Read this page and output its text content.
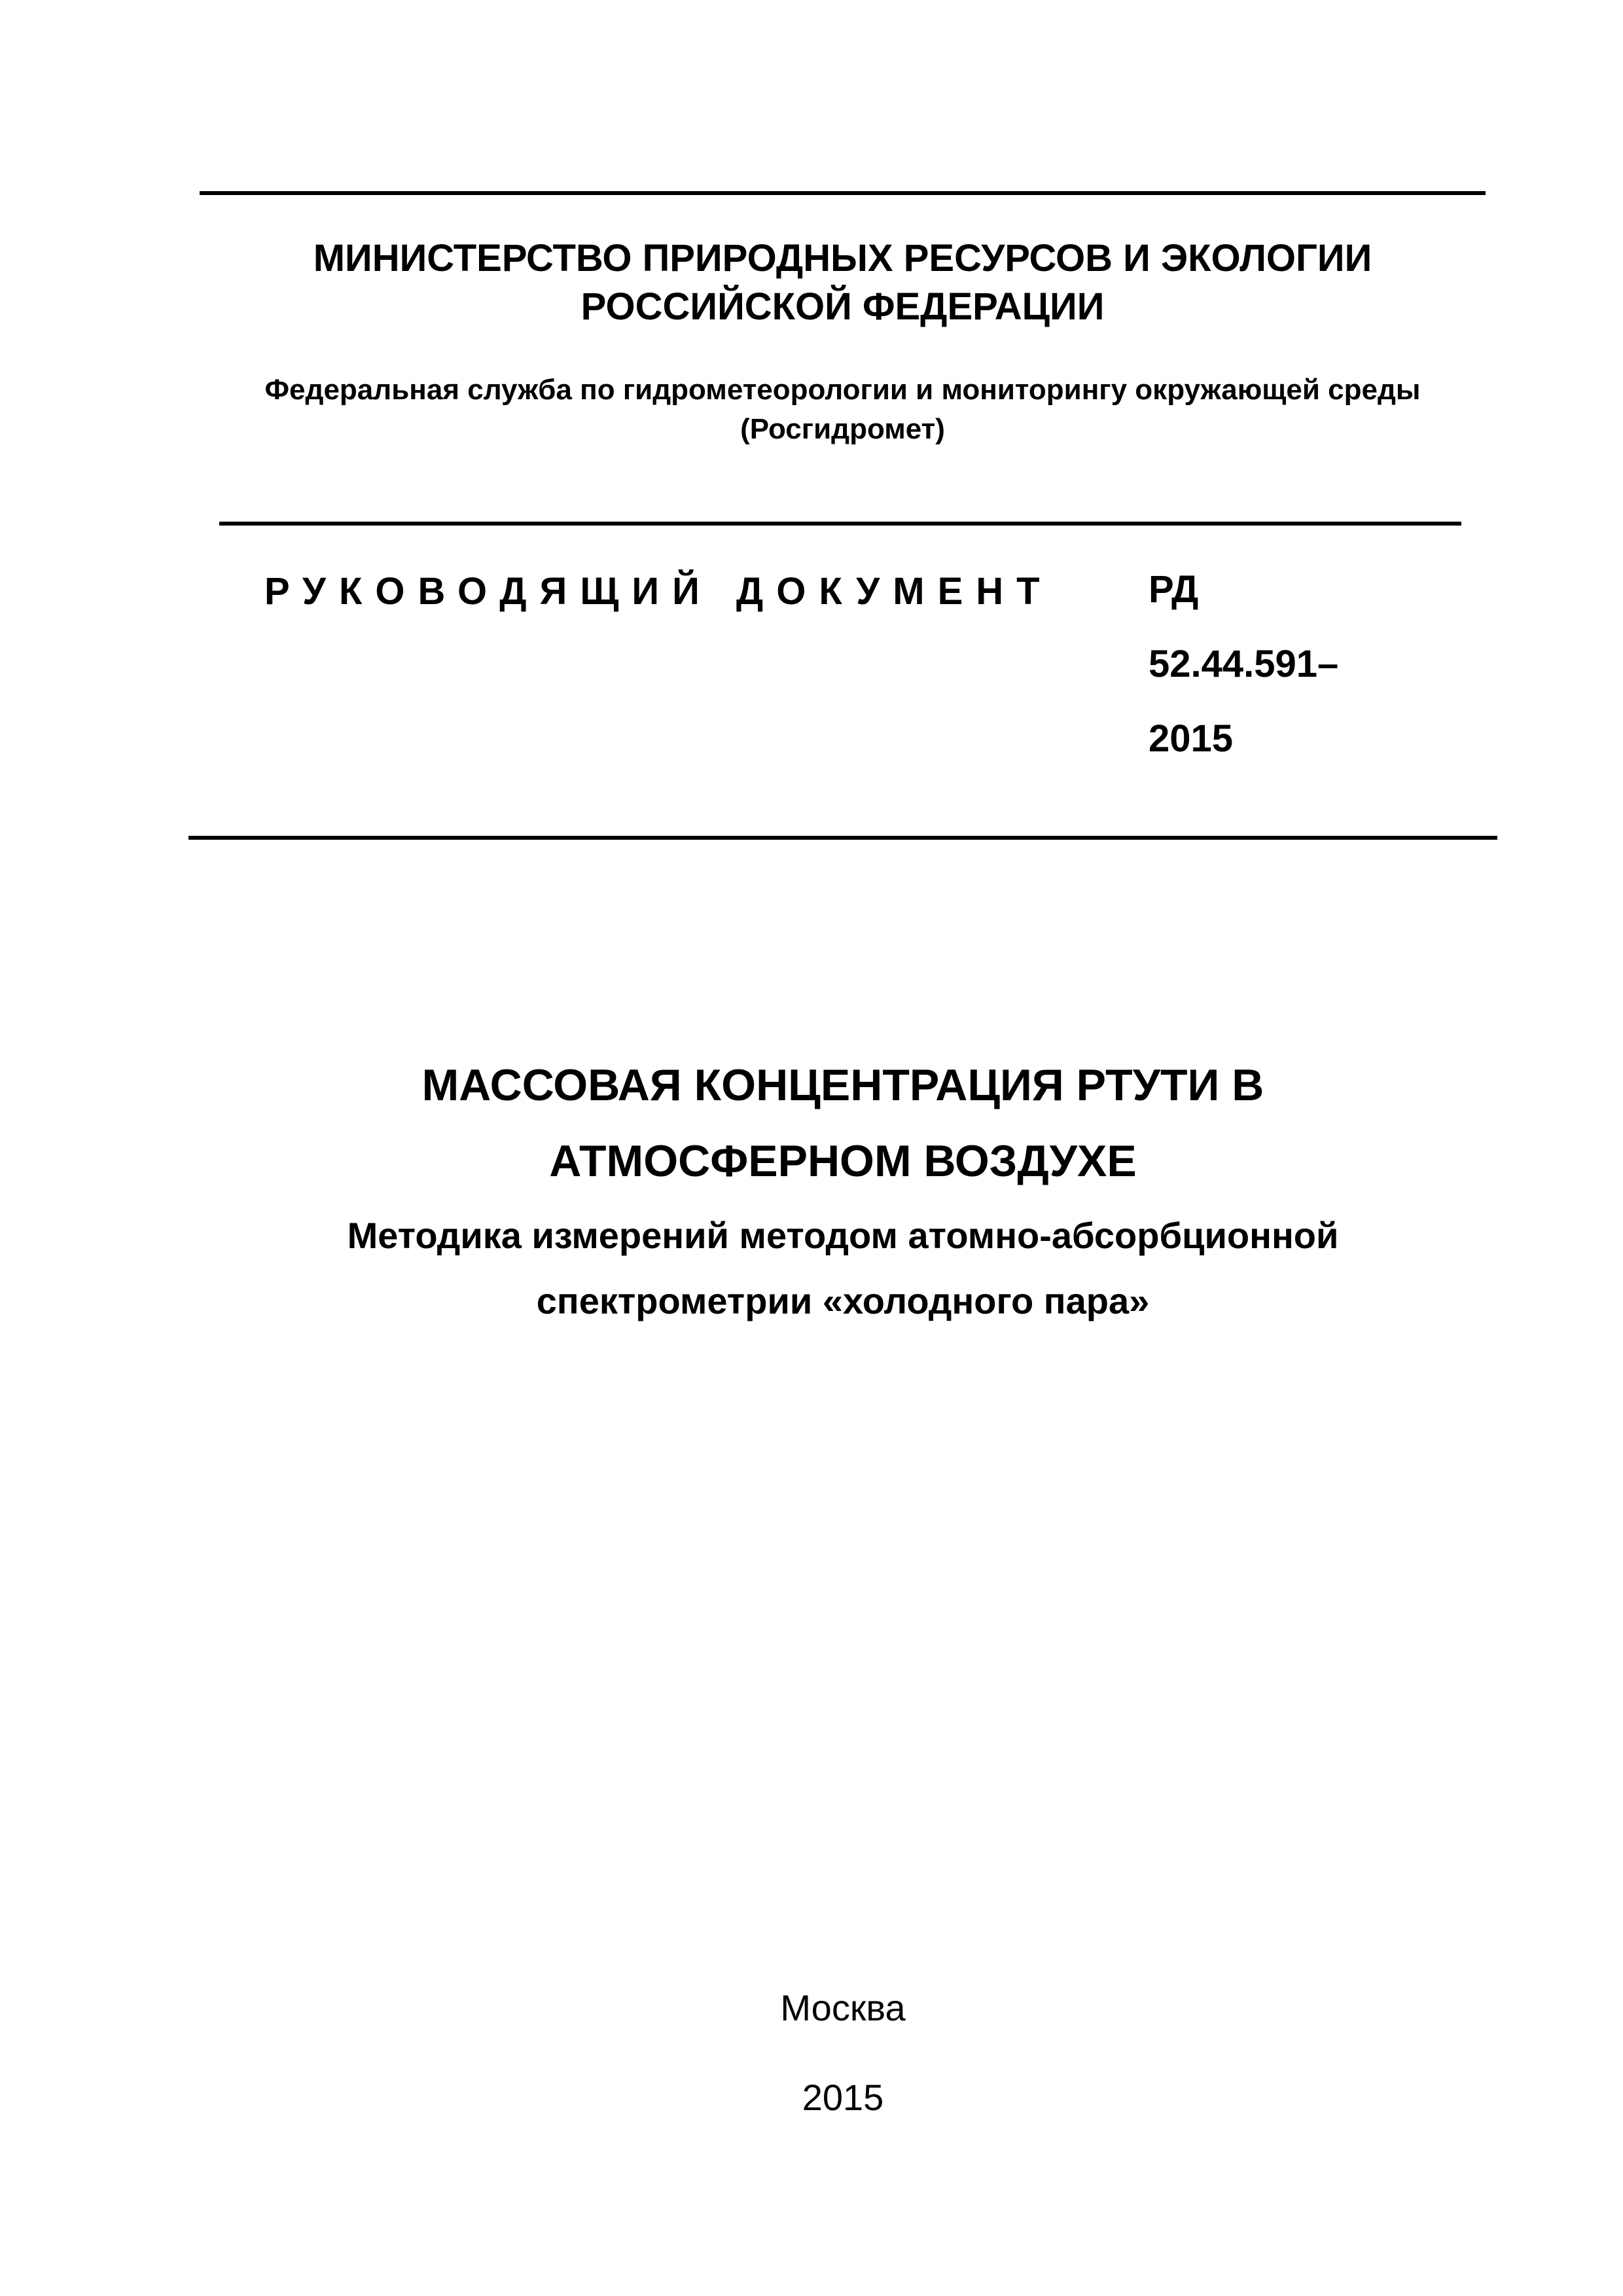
МИНИСТЕРСТВО ПРИРОДНЫХ РЕСУРСОВ И ЭКОЛОГИИ
РОССИЙСКОЙ ФЕДЕРАЦИИ
Федеральная служба по гидрометеорологии и мониторингу окружающей среды
(Росгидромет)
РУКОВОДЯЩИЙ ДОКУМЕНТ	РД
52.44.591–
2015
МАССОВАЯ КОНЦЕНТРАЦИЯ РТУТИ В
АТМОСФЕРНОМ ВОЗДУХЕ
Методика измерений методом атомно-абсорбционной
спектрометрии «холодного пара»
Москва
2015
